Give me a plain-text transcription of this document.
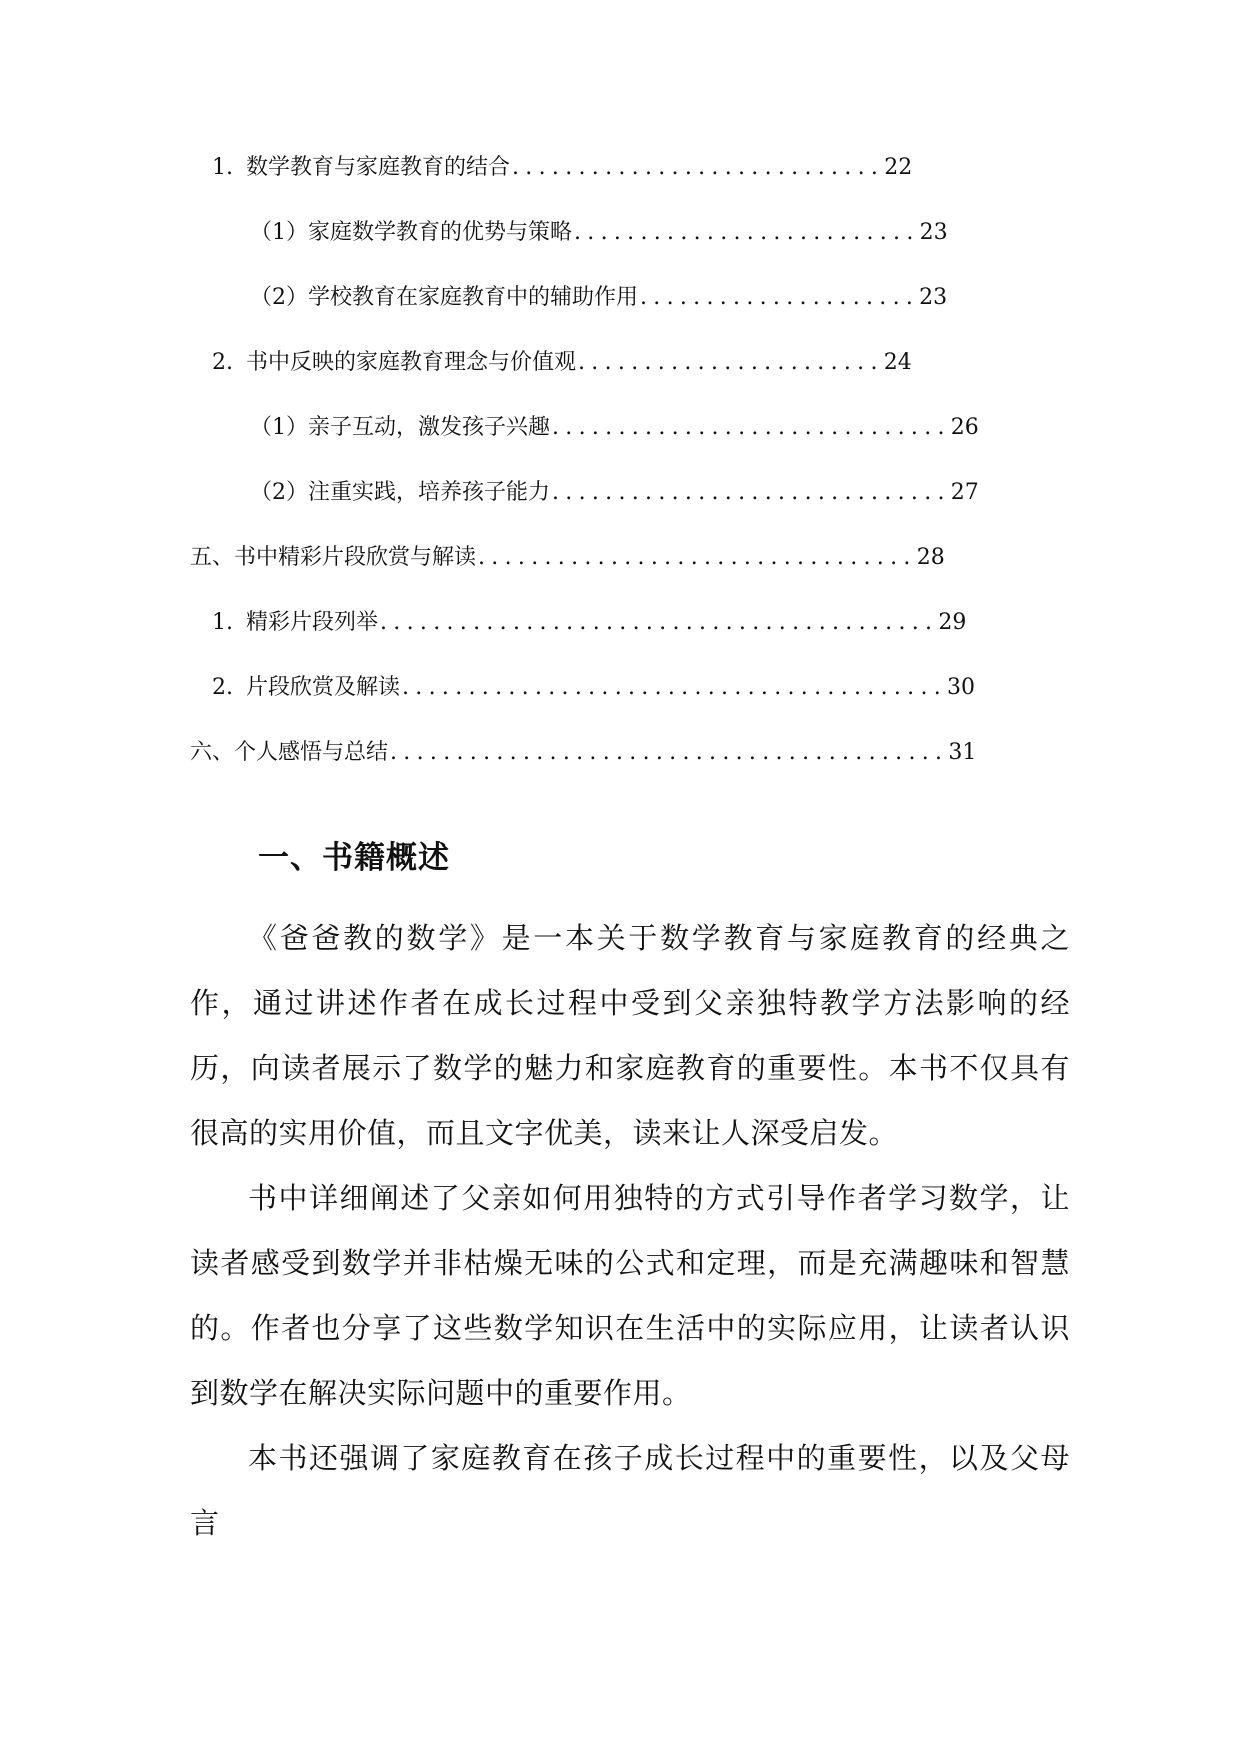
1. 数学教育与家庭教育的结合 ............................ 22
（1）家庭数学教育的优势与策略 .......................... 23
（2）学校教育在家庭教育中的辅助作用 ..................... 23
2. 书中反映的家庭教育理念与价值观 ....................... 24
（1）亲子互动，激发孩子兴趣 .............................. 26
（2）注重实践，培养孩子能力 .............................. 27
五、书中精彩片段欣赏与解读 ................................. 28
1. 精彩片段列举 .......................................... 29
2. 片段欣赏及解读 ......................................... 30
六、个人感悟与总结 .......................................... 31
一、书籍概述

《爸爸教的数学》是一本关于数学教育与家庭教育的经典之作，通过讲述作者在成长过程中受到父亲独特教学方法影响的经历，向读者展示了数学的魅力和家庭教育的重要性。本书不仅具有很高的实用价值，而且文字优美，读来让人深受启发。

书中详细阐述了父亲如何用独特的方式引导作者学习数学，让读者感受到数学并非枯燥无味的公式和定理，而是充满趣味和智慧的。作者也分享了这些数学知识在生活中的实际应用，让读者认识到数学在解决实际问题中的重要作用。

本书还强调了家庭教育在孩子成长过程中的重要性，以及父母言
